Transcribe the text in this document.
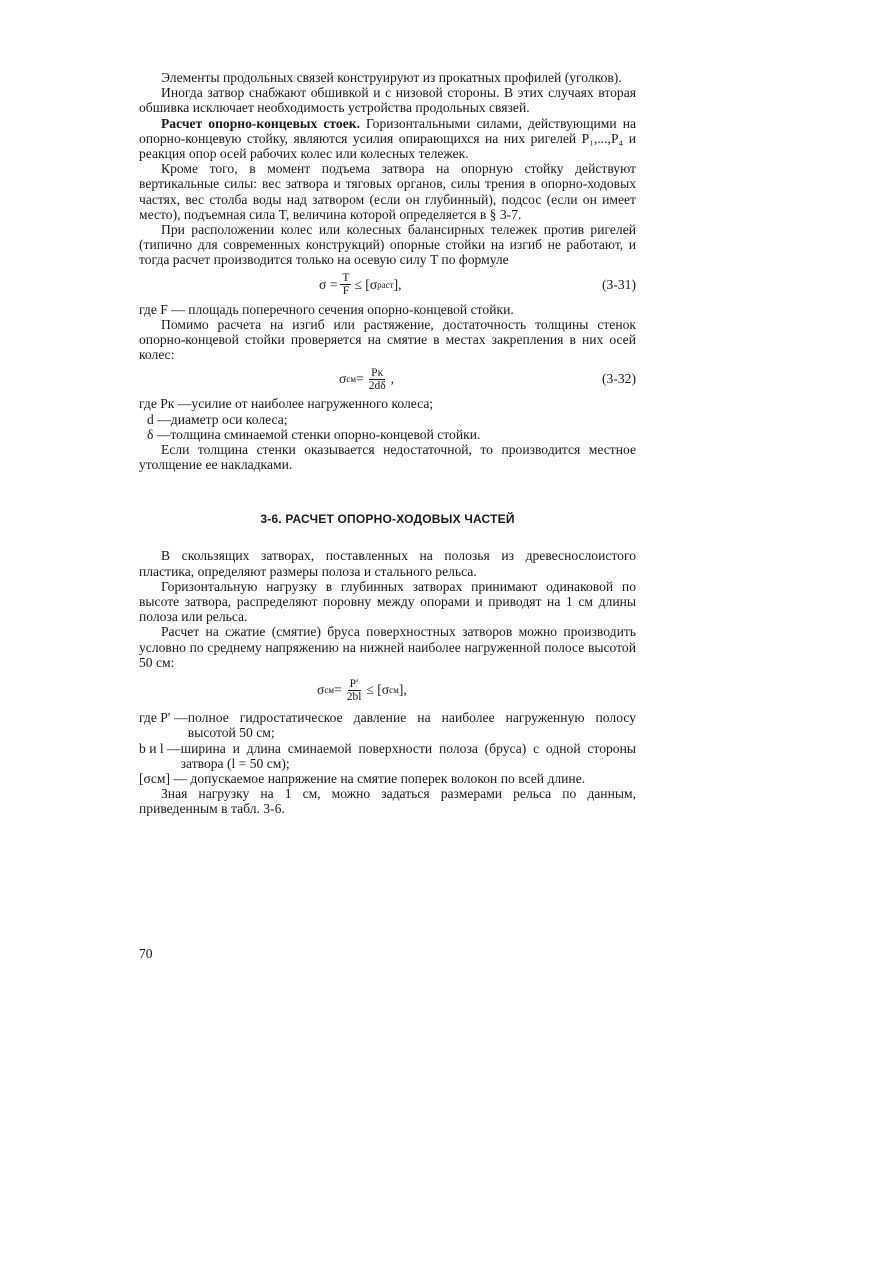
Элементы продольных связей конструируют из прокатных профилей (уголков).

Иногда затвор снабжают обшивкой и с низовой стороны. В этих случаях вторая обшивка исключает необходимость устройства продольных связей.

Расчет опорно-концевых стоек. Горизонтальными силами, действующими на опорно-концевую стойку, являются усилия опирающихся на них ригелей P₁,...,P₄ и реакция опор осей рабочих колес или колесных тележек.

Кроме того, в момент подъема затвора на опорную стойку действуют вертикальные силы: вес затвора и тяговых органов, силы трения в опорно-ходовых частях, вес столба воды над затвором (если он глубинный), подсос (если он имеет место), подъемная сила T, величина которой определяется в § 3-7.

При расположении колес или колесных балансирных тележек против ригелей (типично для современных конструкций) опорные стойки на изгиб не работают, и тогда расчет производится только на осевую силу T по формуле

$\sigma = \frac{T}{F} \le [\sigma$ раст ],	(3-31)

где F — площадь поперечного сечения опорно-концевой стойки.

Помимо расчета на изгиб или растяжение, достаточность толщины стенок опорно-концевой стойки проверяется на смятие в местах закрепления в них осей колес:

σ см = $\frac{Pк}{2d\delta}$ ,	(3-32)
где Pк — усилие от наиболее нагруженного колеса;
d — диаметр оси колеса;
δ — толщина сминаемой стенки опорно-концевой стойки.

Если толщина стенки оказывается недостаточной, то производится местное утолщение ее накладками.

3-6. РАСЧЕТ ОПОРНО-ХОДОВЫХ ЧАСТЕЙ

В скользящих затворах, поставленных на полозья из древеснослоистого пластика, определяют размеры полоза и стального рельса.

Горизонтальную нагрузку в глубинных затворах принимают одинаковой по высоте затвора, распределяют поровну между опорами и приводят на 1 см длины полоза или рельса.

Расчет на сжатие (смятие) бруса поверхностных затворов можно производить условно по среднему напряжению на нижней наиболее нагруженной полосе высотой 50 см:

σ см = $\frac{P'}{2bl} \le [\sigma$ см ],
где P′ — полное гидростатическое давление на наиболее нагруженную полосу высотой 50 см;
b и l — ширина и длина сминаемой поверхности полоза (бруса) с одной стороны затвора (l = 50 см);

[σсм] — допускаемое напряжение на смятие поперек волокон по всей длине.

Зная нагрузку на 1 см, можно задаться размерами рельса по данным, приведенным в табл. 3-6.

70
